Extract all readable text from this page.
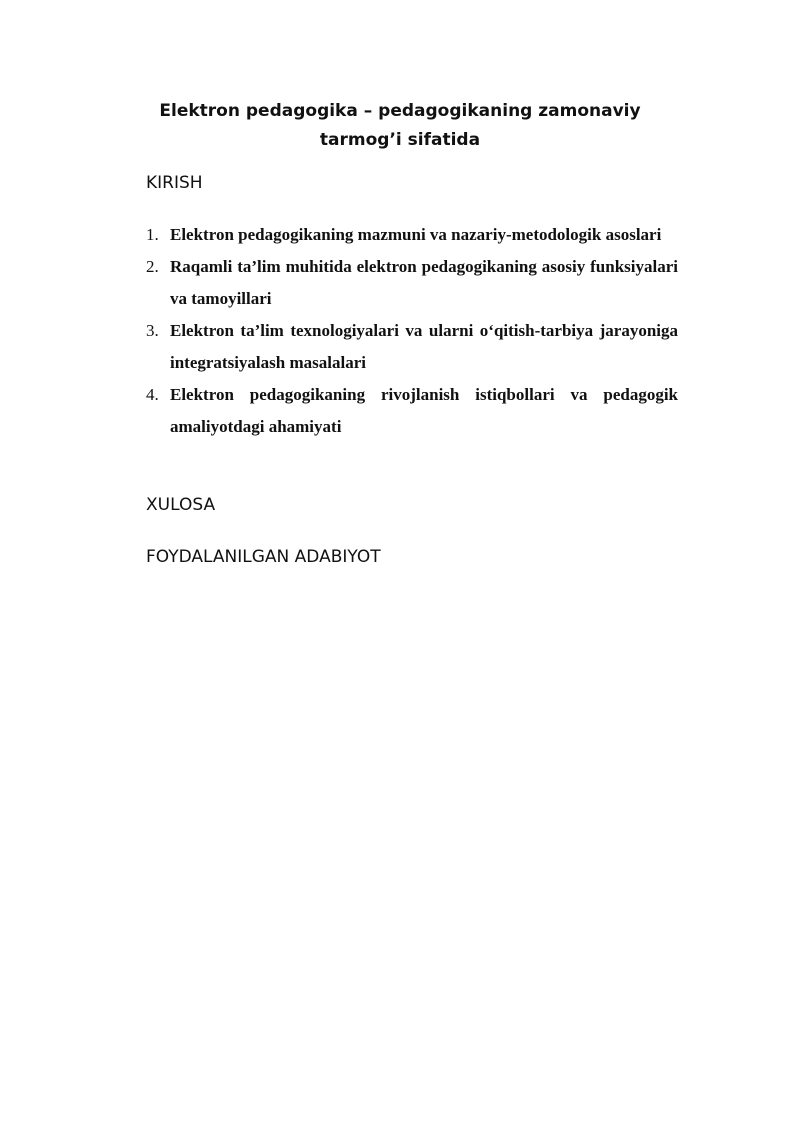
Elektron pedagogika – pedagogikaning zamonaviy tarmog’i sifatida
KIRISH
1. Elektron pedagogikaning mazmuni va nazariy-metodologik asoslari
2. Raqamli ta’lim muhitida elektron pedagogikaning asosiy funksiyalari va tamoyillari
3. Elektron ta’lim texnologiyalari va ularni o‘qitish-tarbiya jarayoniga integratsiyalash masalalari
4. Elektron pedagogikaning rivojlanish istiqbollari va pedagogik amaliyotdagi ahamiyati
XULOSA
FOYDALANILGAN ADABIYOT
